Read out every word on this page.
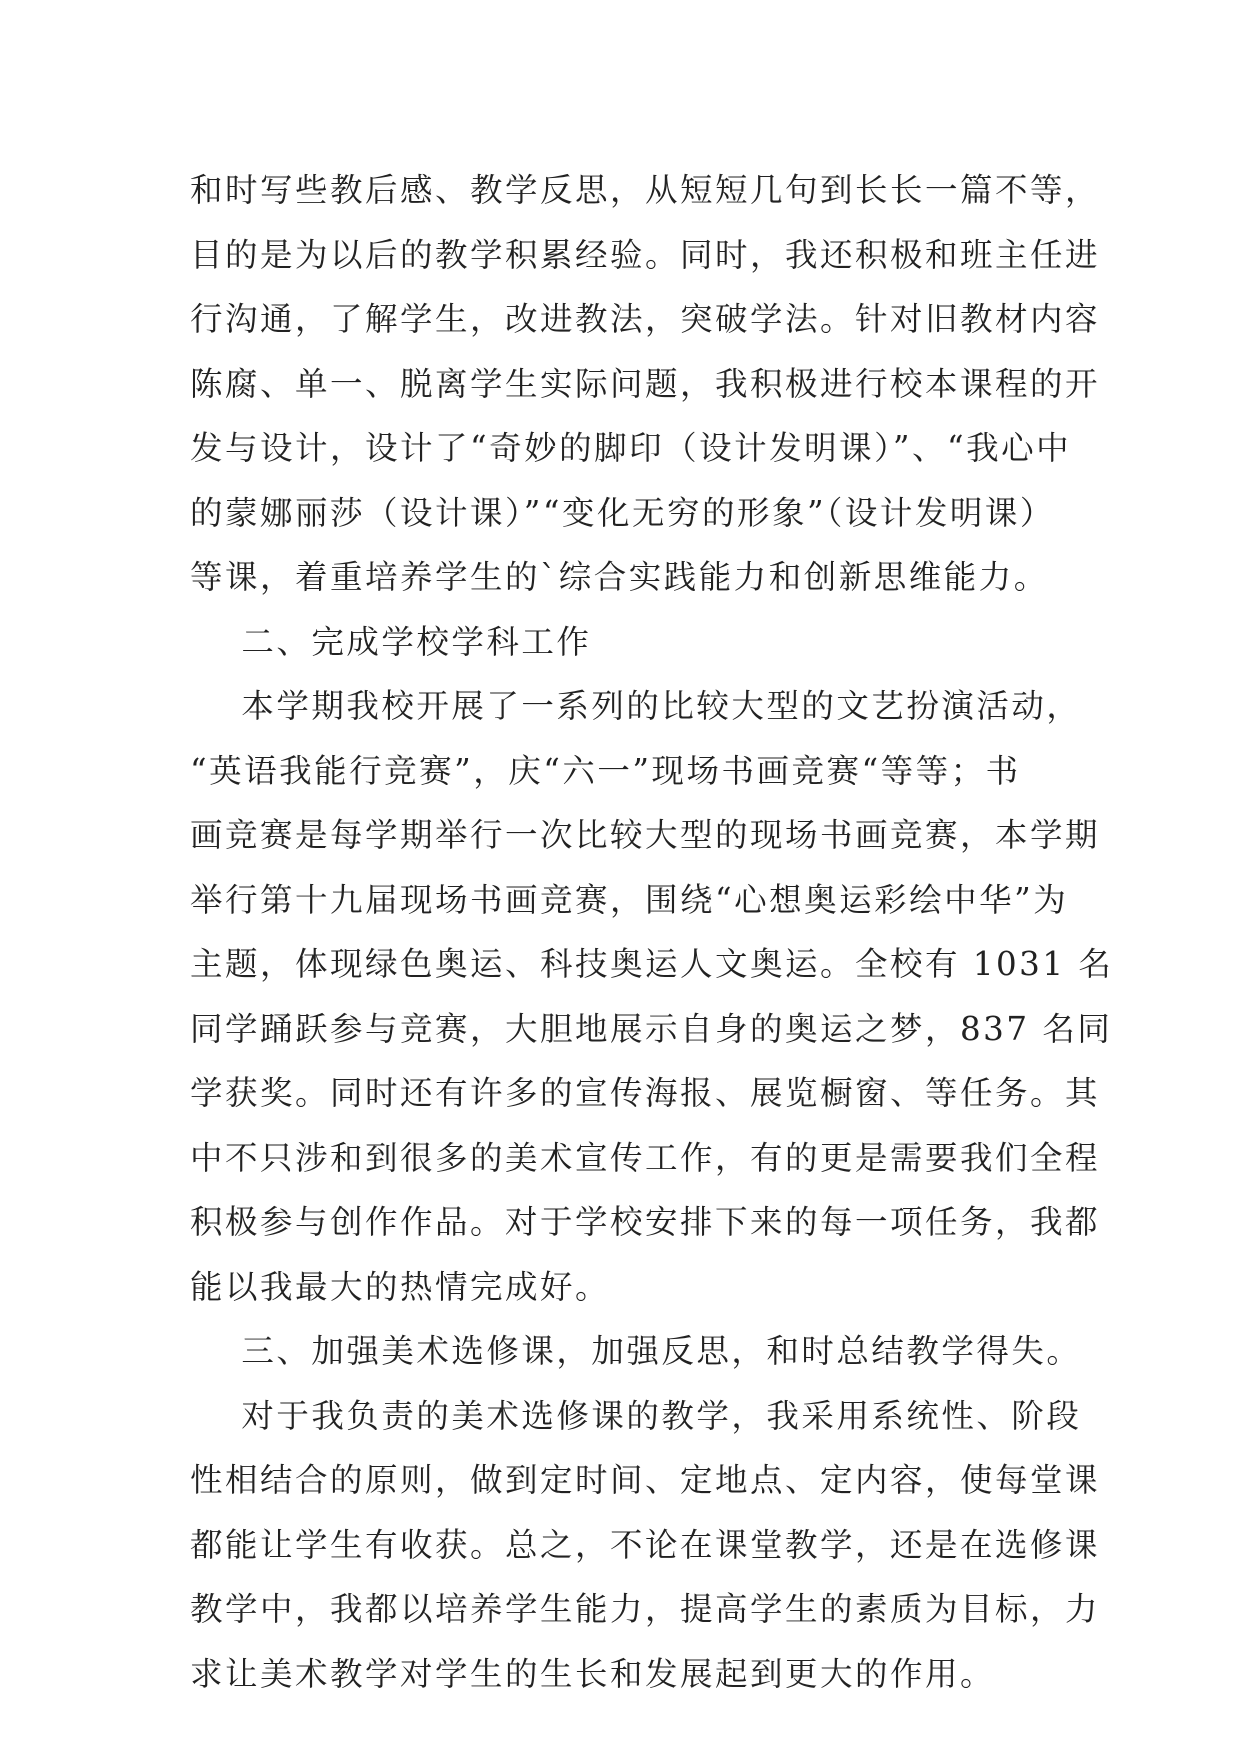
和时写些教后感、教学反思，从短短几句到长长一篇不等，
目的是为以后的教学积累经验。同时，我还积极和班主任进
行沟通，了解学生，改进教法，突破学法。针对旧教材内容
陈腐、单一、脱离学生实际问题，我积极进行校本课程的开
发与设计，设计了“奇妙的脚印（设计发明课）”、“我心中
的蒙娜丽莎（设计课）”“变化无穷的形象”（设计发明课）
等课，着重培养学生的`综合实践能力和创新思维能力。
二、完成学校学科工作
本学期我校开展了一系列的比较大型的文艺扮演活动，
“英语我能行竞赛”，庆“六一”现场书画竞赛“等等；书
画竞赛是每学期举行一次比较大型的现场书画竞赛，本学期
举行第十九届现场书画竞赛，围绕“心想奥运彩绘中华”为
主题，体现绿色奥运、科技奥运人文奥运。全校有 1031 名
同学踊跃参与竞赛，大胆地展示自身的奥运之梦，837 名同
学获奖。同时还有许多的宣传海报、展览橱窗、等任务。其
中不只涉和到很多的美术宣传工作，有的更是需要我们全程
积极参与创作作品。对于学校安排下来的每一项任务，我都
能以我最大的热情完成好。
三、加强美术选修课，加强反思，和时总结教学得失。
对于我负责的美术选修课的教学，我采用系统性、阶段
性相结合的原则，做到定时间、定地点、定内容，使每堂课
都能让学生有收获。总之，不论在课堂教学，还是在选修课
教学中，我都以培养学生能力，提高学生的素质为目标，力
求让美术教学对学生的生长和发展起到更大的作用。
